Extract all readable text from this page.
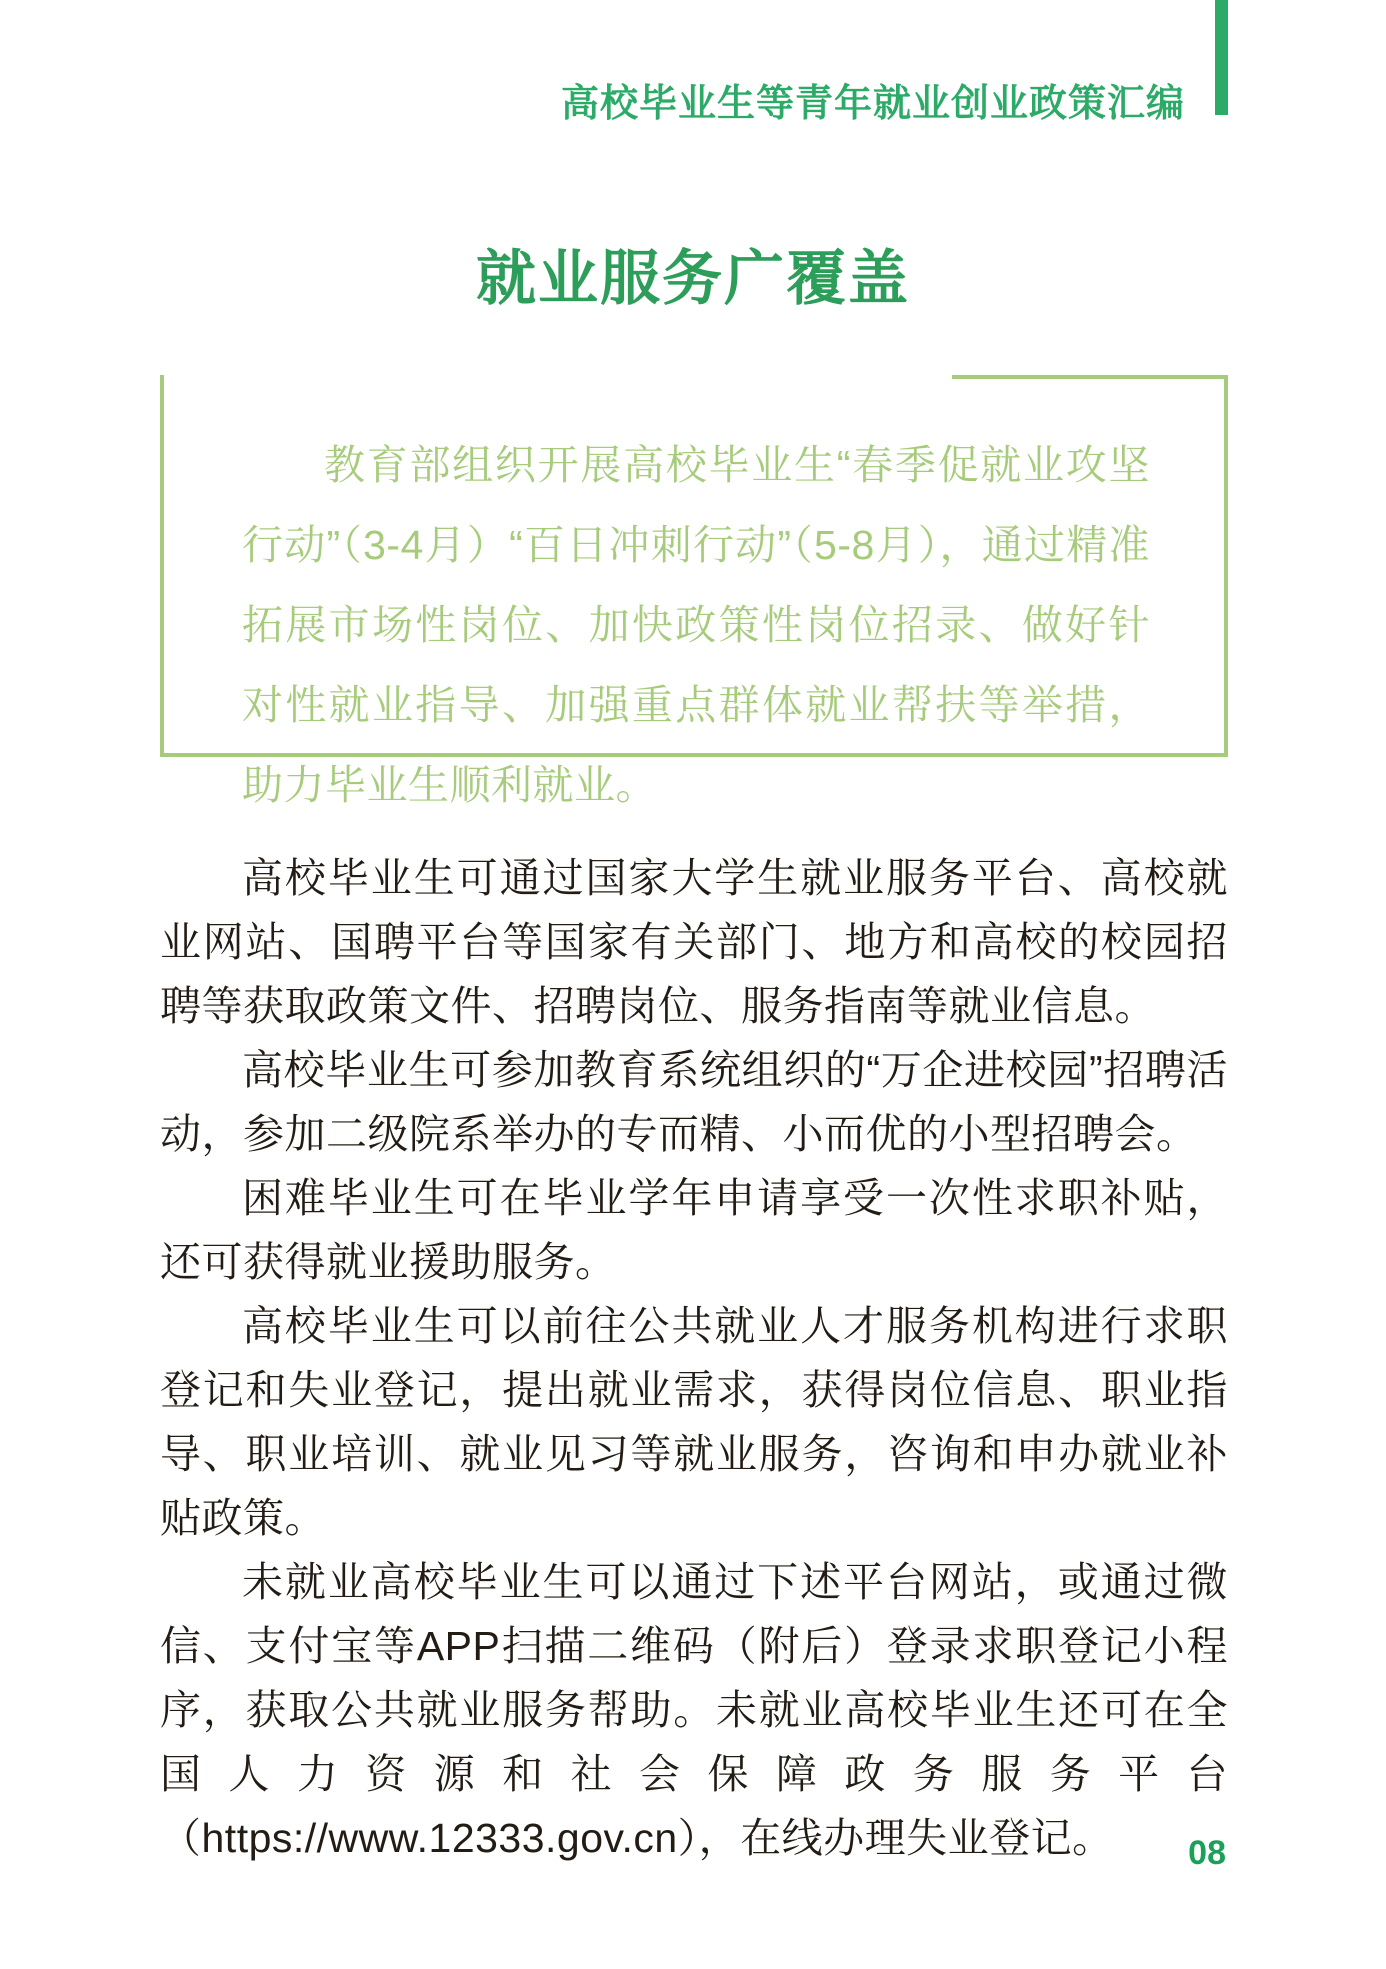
高校毕业生等青年就业创业政策汇编
就业服务广覆盖

教育部组织开展高校毕业生“春季促就业攻坚行动”（3-4月）“百日冲刺行动”（5-8月），通过精准拓展市场性岗位、加快政策性岗位招录、做好针对性就业指导、加强重点群体就业帮扶等举措，助力毕业生顺利就业。

高校毕业生可通过国家大学生就业服务平台、高校就业网站、国聘平台等国家有关部门、地方和高校的校园招聘等获取政策文件、招聘岗位、服务指南等就业信息。

高校毕业生可参加教育系统组织的“万企进校园”招聘活动，参加二级院系举办的专而精、小而优的小型招聘会。

困难毕业生可在毕业学年申请享受一次性求职补贴，还可获得就业援助服务。

高校毕业生可以前往公共就业人才服务机构进行求职登记和失业登记，提出就业需求，获得岗位信息、职业指导、职业培训、就业见习等就业服务，咨询和申办就业补贴政策。

未就业高校毕业生可以通过下述平台网站，或通过微信、支付宝等APP扫描二维码（附后）登录求职登记小程序，获取公共就业服务帮助。未就业高校毕业生还可在全国人力资源和社会保障政务服务平台（https://www.12333.gov.cn），在线办理失业登记。	08
